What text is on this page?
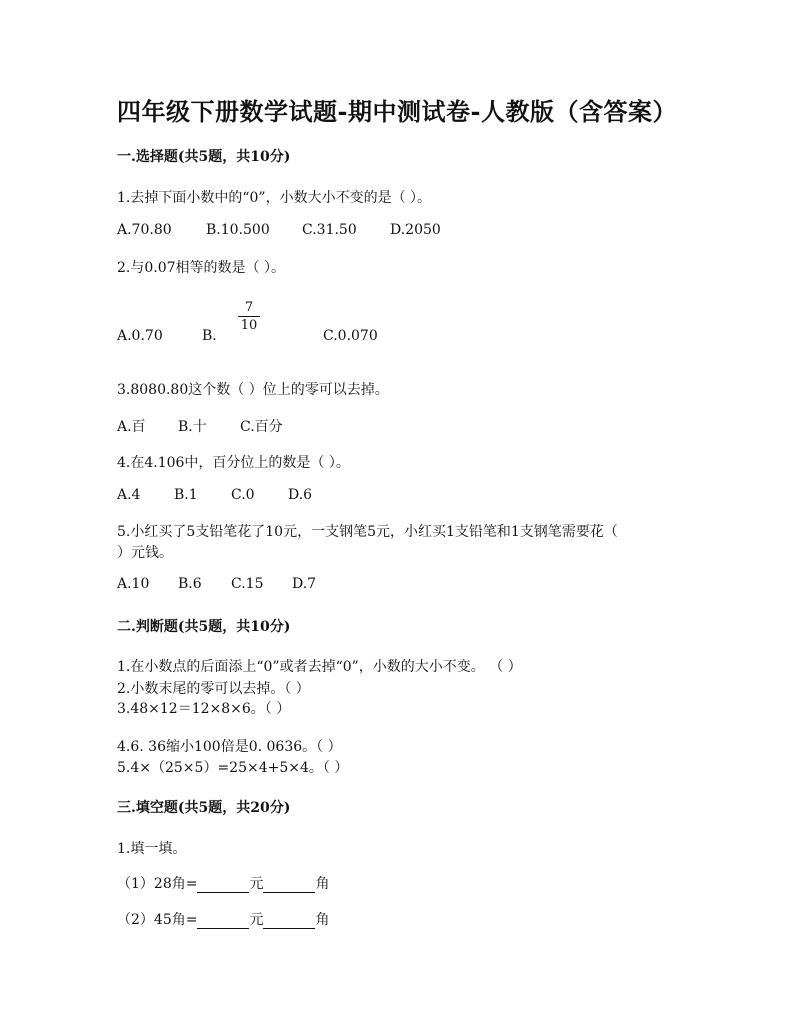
四年级下册数学试题-期中测试卷-人教版（含答案）
一.选择题(共5题，共10分)
1.去掉下面小数中的“0”，小数大小不变的是（ ）。
A.70.80 B.10.500 C.31.50 D.2050
2.与0.07相等的数是（ ）。
7
10
A.0.70	B.	C.0.070
3.8080.80这个数（ ）位上的零可以去掉。
A.百 B.十 C.百分
4.在4.106中，百分位上的数是（ ）。
A.4 B.1 C.0 D.6
5.小红买了5支铅笔花了10元，一支钢笔5元，小红买1支铅笔和1支钢笔需要花（
）元钱。
A.10 B.6 C.15 D.7
二.判断题(共5题，共10分)
1.在小数点的后面添上“0”或者去掉“0”，小数的大小不变。 （ ）
2.小数末尾的零可以去掉。（ ）
3.48×12＝12×8×6。（ ）
4.6. 36缩小100倍是0. 0636。（ ）
5.4×（25×5）=25×4+5×4。（ ）
三.填空题(共5题，共20分)
1.填一填。
（1）28角=	元	角
（2）45角=	元	角
